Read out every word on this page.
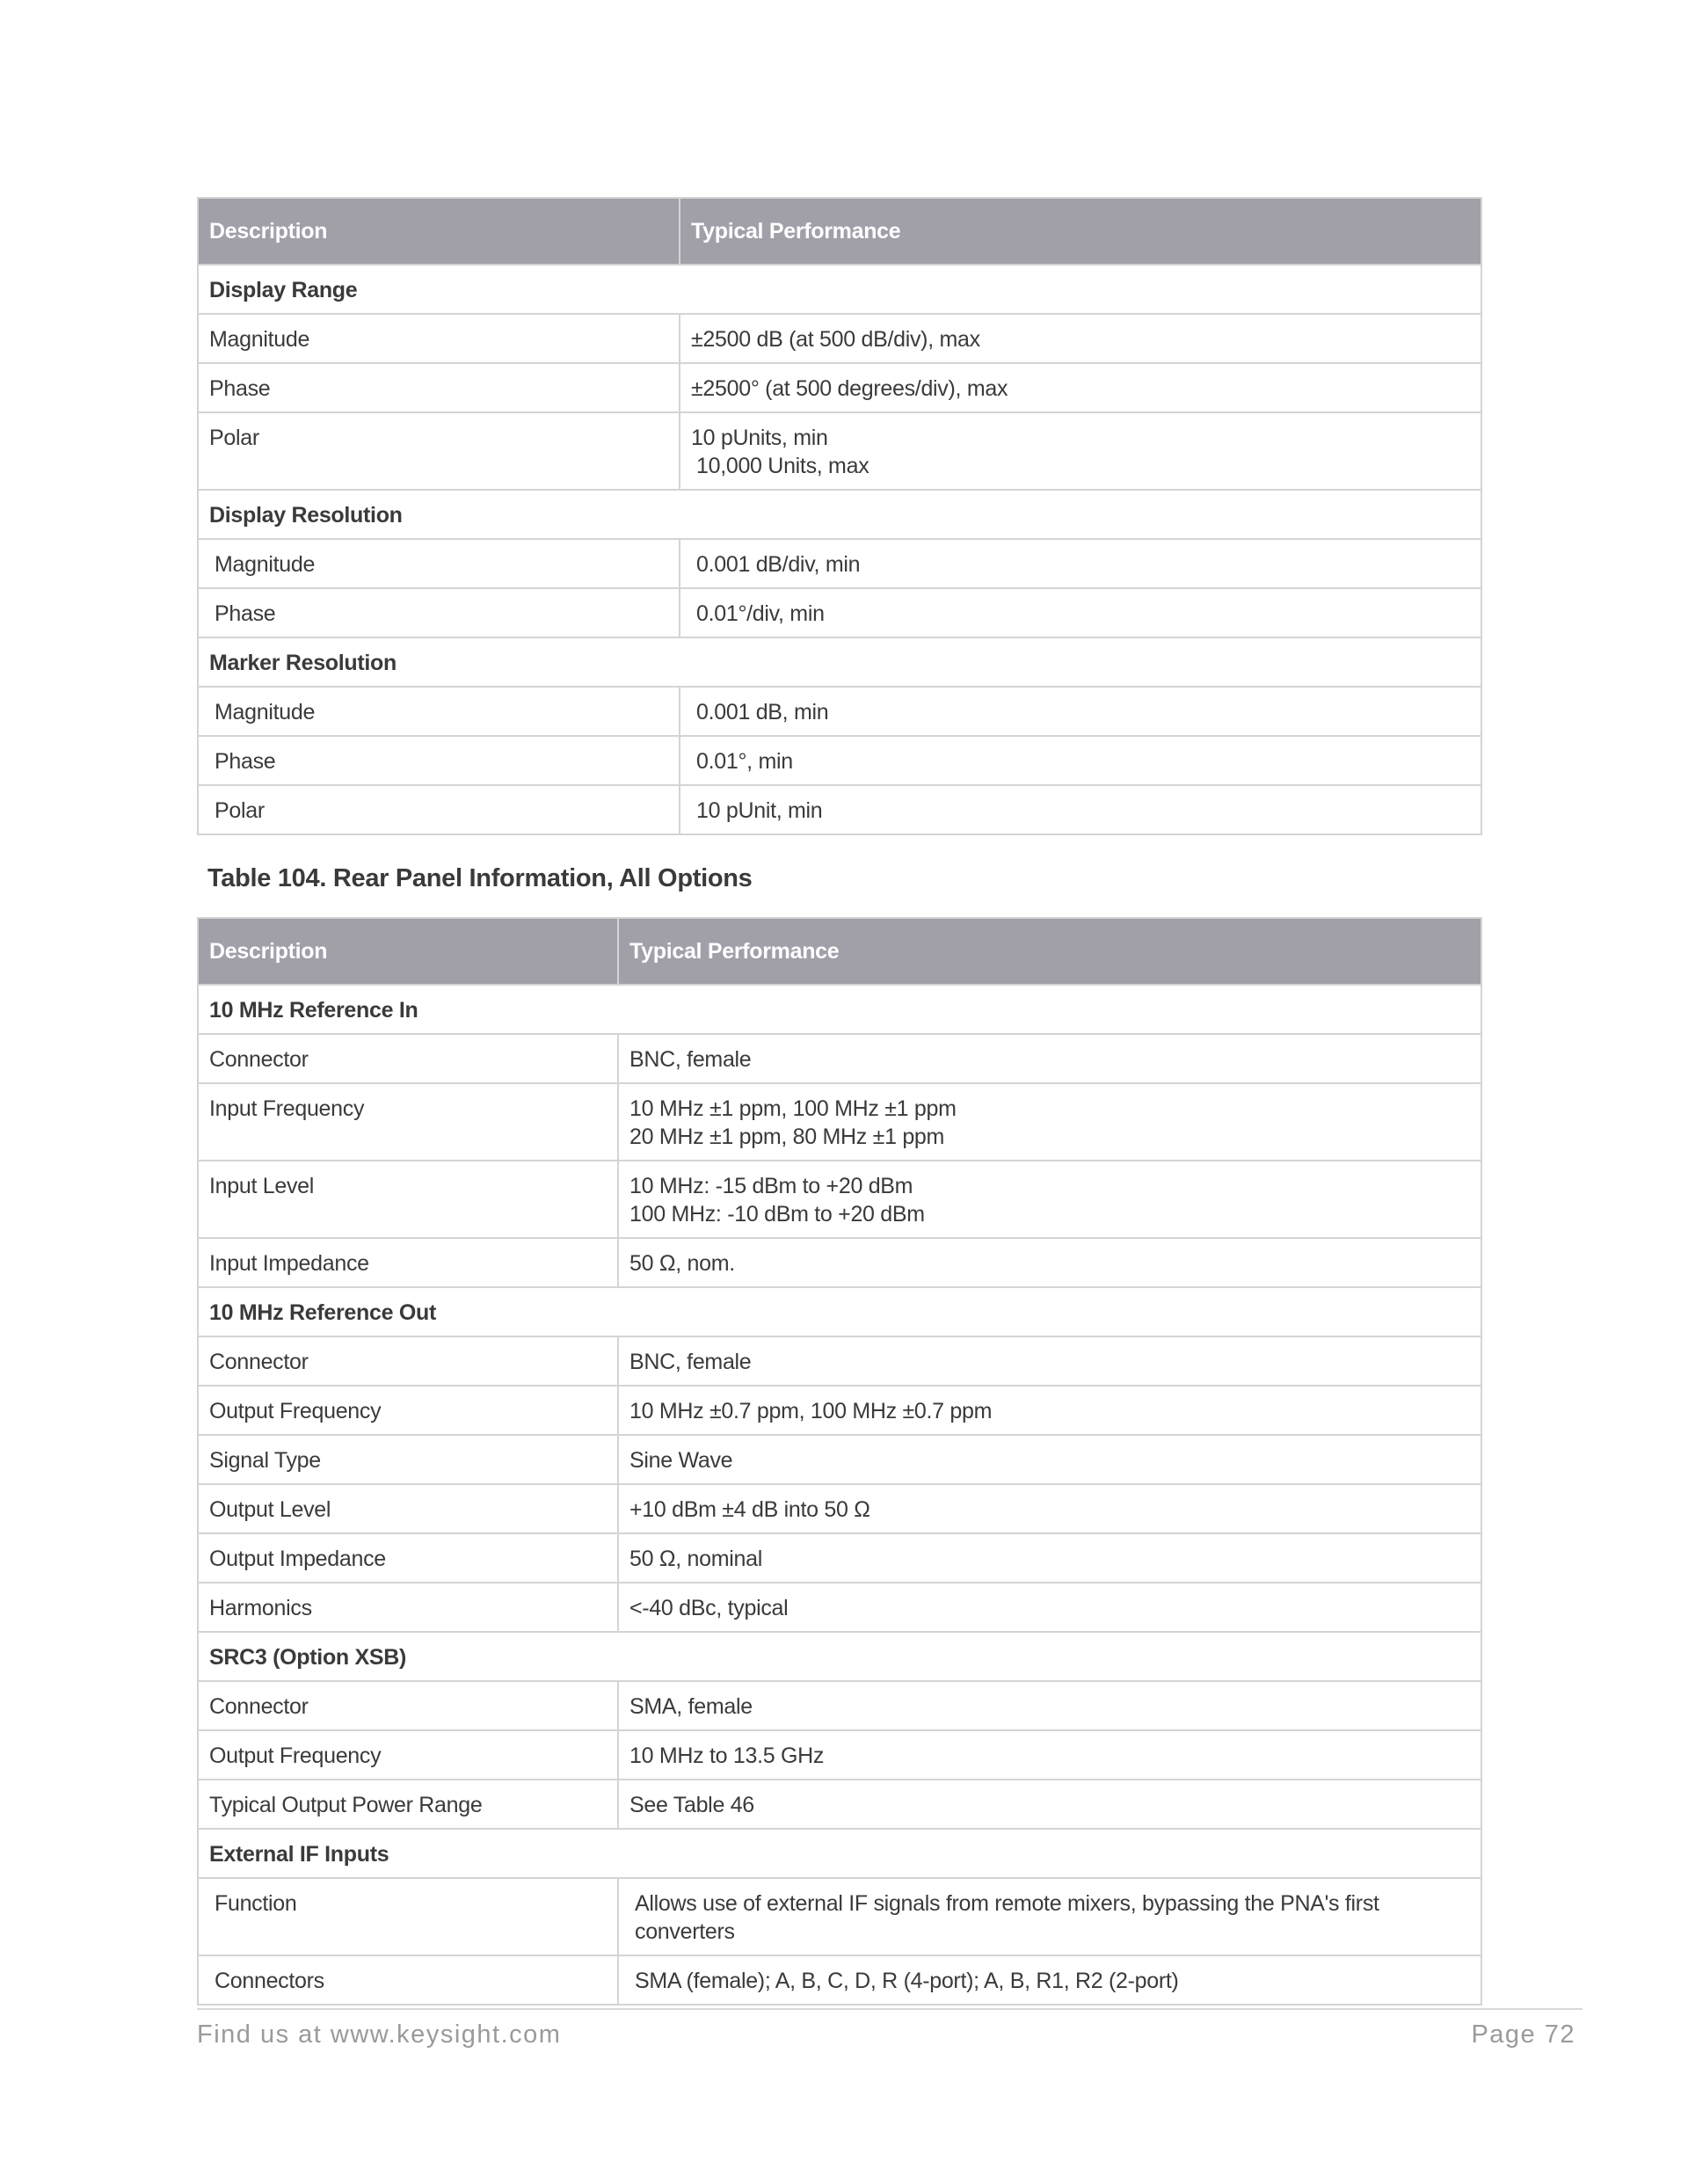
Description	Typical Performance
Display Range	
Magnitude	±2500 dB (at 500 dB/div), max

Phase	±2500° (at 500 degrees/div), max

Polar	10 pUnits, min
10,000 Units, max

Display Resolution	
Magnitude	0.001 dB/div, min

Phase	0.01°/div, min

Marker Resolution	
Magnitude	0.001 dB, min

Phase	0.01°, min

Polar	10 pUnit, min
Table 104. Rear Panel Information, All Options
Description	Typical Performance
10 MHz Reference In	
Connector	BNC, female

Input Frequency	10 MHz ±1 ppm, 100 MHz ±1 ppm
20 MHz ±1 ppm, 80 MHz ±1 ppm

Input Level	10 MHz: -15 dBm to +20 dBm
100 MHz: -10 dBm to +20 dBm

Input Impedance	50 Ω, nom.

10 MHz Reference Out	
Connector	BNC, female

Output Frequency	10 MHz ±0.7 ppm, 100 MHz ±0.7 ppm

Signal Type	Sine Wave

Output Level	+10 dBm ±4 dB into 50 Ω

Output Impedance	50 Ω, nominal

Harmonics	<-40 dBc, typical

SRC3 (Option XSB)	
Connector	SMA, female

Output Frequency	10 MHz to 13.5 GHz

Typical Output Power Range	See Table 46

External IF Inputs	
Function	Allows use of external IF signals from remote mixers, bypassing the PNA's first converters

Connectors	SMA (female); A, B, C, D, R (4-port); A, B, R1, R2 (2-port)
Find us at www.keysight.com	Page 72
